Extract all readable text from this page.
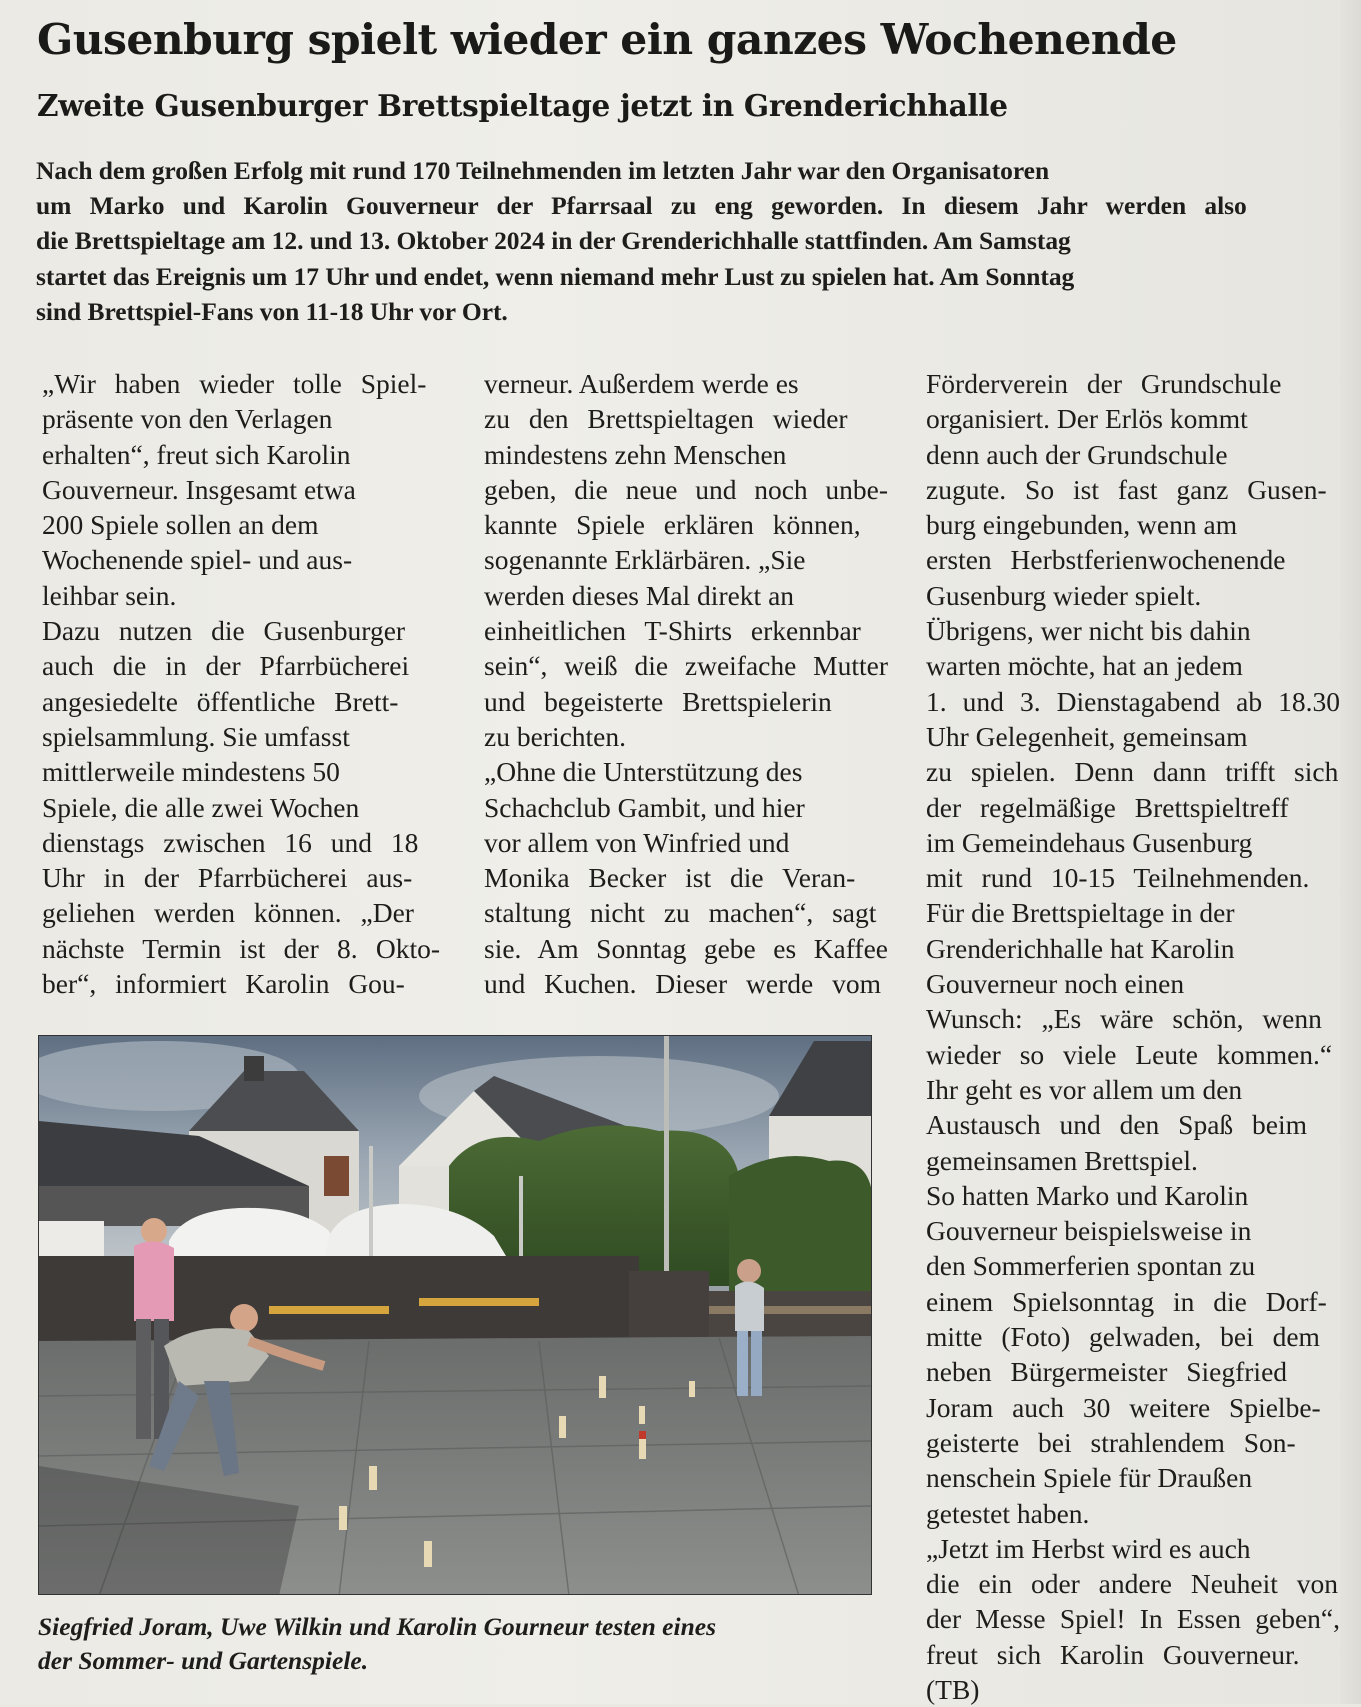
Gusenburg spielt wieder ein ganzes Wochenende
Zweite Gusenburger Brettspieltage jetzt in Grenderichhalle
Nach dem großen Erfolg mit rund 170 Teilnehmenden im letzten Jahr war den Organisatoren
um Marko und Karolin Gouverneur der Pfarrsaal zu eng geworden. In diesem Jahr werden also
die Brettspieltage am 12. und 13. Oktober 2024 in der Grenderichhalle stattfinden. Am Samstag
startet das Ereignis um 17 Uhr und endet, wenn niemand mehr Lust zu spielen hat. Am Sonntag
sind Brettspiel-Fans von 11-18 Uhr vor Ort.
„Wir haben wieder tolle Spiel-
präsente von den Verlagen
erhalten“, freut sich Karolin
Gouverneur. Insgesamt etwa
200 Spiele sollen an dem
Wochenende spiel- und aus-
leihbar sein.
Dazu nutzen die Gusenburger
auch die in der Pfarrbücherei
angesiedelte öffentliche Brett-
spielsammlung. Sie umfasst
mittlerweile mindestens 50
Spiele, die alle zwei Wochen
dienstags zwischen 16 und 18
Uhr in der Pfarrbücherei aus-
geliehen werden können. „Der
nächste Termin ist der 8. Okto-
ber“, informiert Karolin Gou-
verneur. Außerdem werde es
zu den Brettspieltagen wieder
mindestens zehn Menschen
geben, die neue und noch unbe-
kannte Spiele erklären können,
sogenannte Erklärbären. „Sie
werden dieses Mal direkt an
einheitlichen T-Shirts erkennbar
sein“, weiß die zweifache Mutter
und begeisterte Brettspielerin
zu berichten.
„Ohne die Unterstützung des
Schachclub Gambit, und hier
vor allem von Winfried und
Monika Becker ist die Veran-
staltung nicht zu machen“, sagt
sie. Am Sonntag gebe es Kaffee
und Kuchen. Dieser werde vom
Förderverein der Grundschule
organisiert. Der Erlös kommt
denn auch der Grundschule
zugute. So ist fast ganz Gusen-
burg eingebunden, wenn am
ersten Herbstferienwochenende
Gusenburg wieder spielt.
Übrigens, wer nicht bis dahin
warten möchte, hat an jedem
1. und 3. Dienstagabend ab 18.30
Uhr Gelegenheit, gemeinsam
zu spielen. Denn dann trifft sich
der regelmäßige Brettspieltreff
im Gemeindehaus Gusenburg
mit rund 10-15 Teilnehmenden.
Für die Brettspieltage in der
Grenderichhalle hat Karolin
Gouverneur noch einen
Wunsch: „Es wäre schön, wenn
wieder so viele Leute kommen.“
Ihr geht es vor allem um den
Austausch und den Spaß beim
gemeinsamen Brettspiel.
So hatten Marko und Karolin
Gouverneur beispielsweise in
den Sommerferien spontan zu
einem Spielsonntag in die Dorf-
mitte (Foto) gelwaden, bei dem
neben Bürgermeister Siegfried
Joram auch 30 weitere Spielbe-
geisterte bei strahlendem Son-
nenschein Spiele für Draußen
getestet haben.
„Jetzt im Herbst wird es auch
die ein oder andere Neuheit von
der Messe Spiel! In Essen geben“,
freut sich Karolin Gouverneur.
(TB)
Siegfried Joram, Uwe Wilkin und Karolin Gourneur testen eines
der Sommer- und Gartenspiele.
